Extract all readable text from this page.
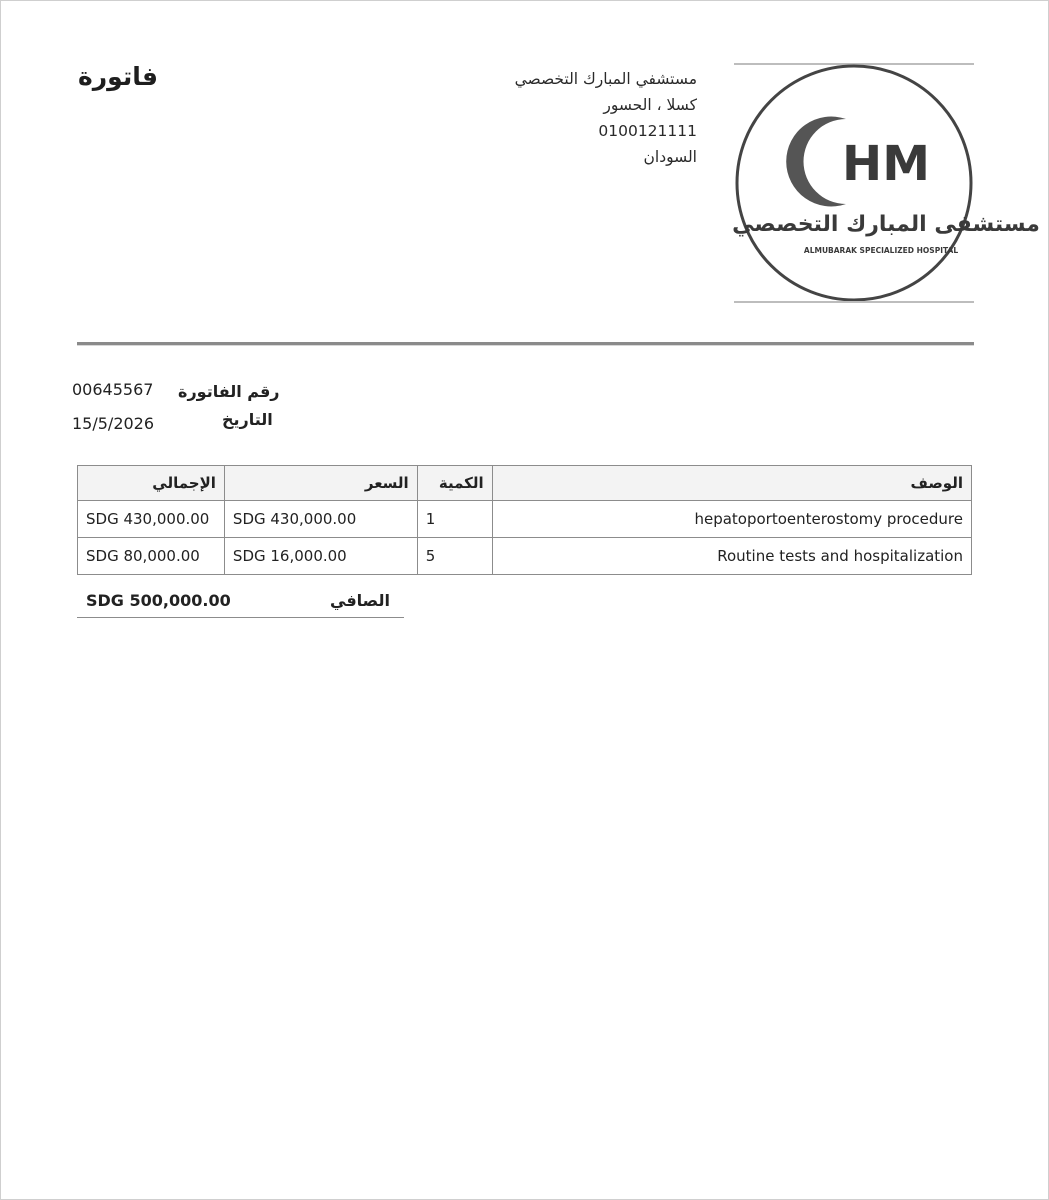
فاتورة	مستشفي المبارك التخصصي
كسلا ، الحسور
0100121111
السودان	HM
مستشفى المبارك التخصصي
ALMUBARAK SPECIALIZED HOSPITAL
رقم الفاتورة
00645567
التاريخ
15/5/2026
الوصف	الكمية	السعر	الإجمالي
hepatoportoenterostomy procedure	1	SDG 430,000.00	SDG 430,000.00
Routine tests and hospitalization	5	SDG 16,000.00	SDG 80,000.00
الصافي
SDG 500,000.00
